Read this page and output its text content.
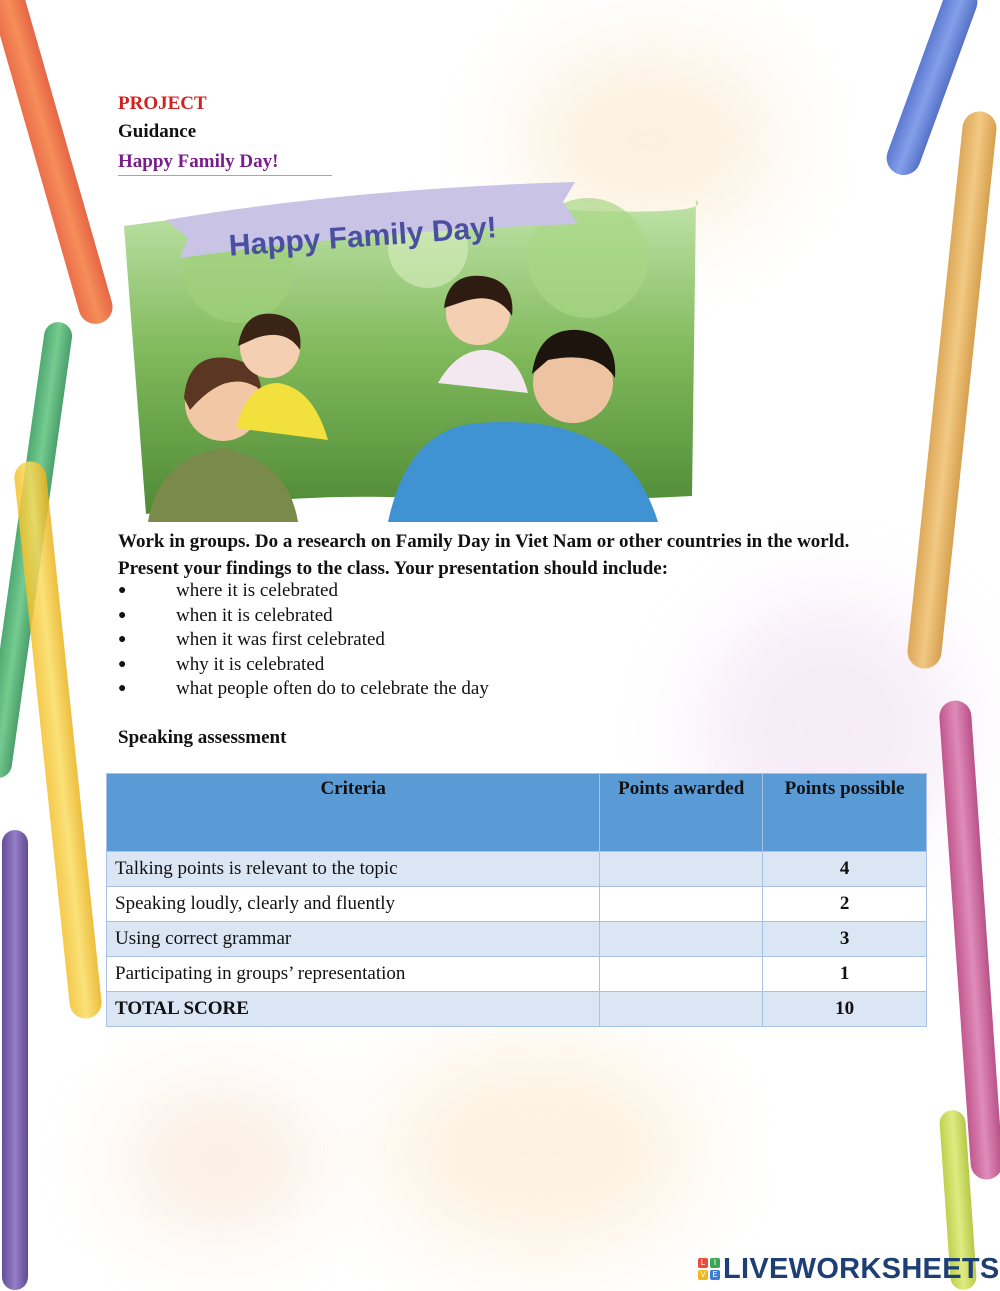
PROJECT
Guidance
Happy Family Day!
Happy Family Day!
Work in groups. Do a research on Family Day in Viet Nam or other countries in the world. Present your findings to the class. Your presentation should include:
●	where it is celebrated
●	when it is celebrated
●	when it was first celebrated
●	why it is celebrated
●	what people often do to celebrate the day
Speaking assessment
Criteria	Points awarded	Points possible
Talking points is relevant to the topic		4
Speaking loudly, clearly and fluently		2
Using correct grammar		3
Participating in groups’ representation		1
TOTAL SCORE		10
L	I
V E LIVEWORKSHEETS
